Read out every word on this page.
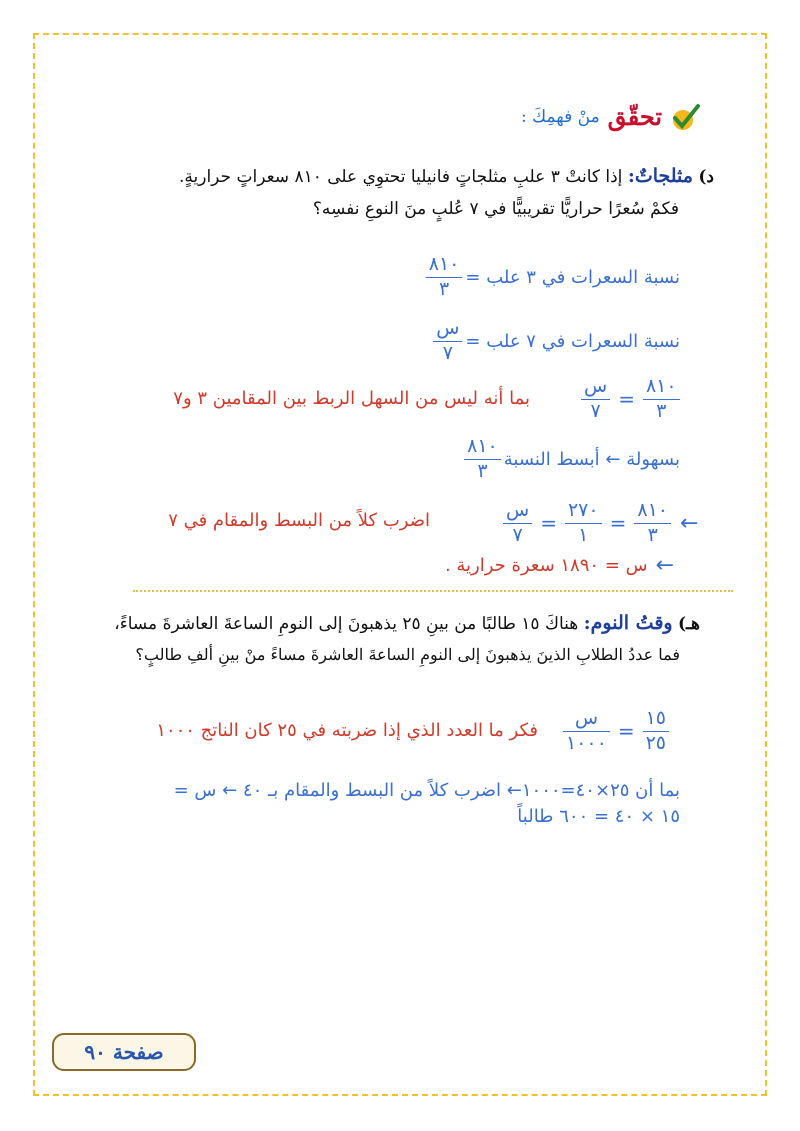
تحقّق
منْ فهمِكَ :
د) مثلجاتٌ: إذا كانتْ ٣ علبِ مثلجاتٍ فانيليا تحتوِي على ٨١٠ سعراتٍ حراريةٍ.
فكمْ سُعرًا حراريًّا تقريبيًّا في ٧ عُلبٍ منَ النوعِ نفسِه؟
نسبة السعرات في ٣ علب =
$\frac{٨١٠}{٣}$
نسبة السعرات في ٧ علب =
$\frac{\text{س}}{٧}$
$\frac{\text{س}}{٧} = \frac{٨١٠}{٣}$
بما أنه ليس من السهل الربط بين المقامين ٣ و٧
بسهولة ← أبسط النسبة
$\frac{٨١٠}{٣}$
$\frac{\text{س}}{٧} = \frac{٢٧٠}{١} = \frac{٨١٠}{٣}$ ←
اضرب كلاً من البسط والمقام في ٧
←
س = ١٨٩٠ سعرة حرارية .
هـ) وقتُ النوم: هناكَ ١٥ طالبًا من بينِ ٢٥ يذهبونَ إلى النومِ الساعةَ العاشرةَ مساءً،
فما عددُ الطلابِ الذينَ يذهبونَ إلى النومِ الساعةَ العاشرةَ مساءً منْ بينِ ألفِ طالبٍ؟
$\frac{\text{س}}{١٠٠٠} = \frac{١٥}{٢٥}$
فكر ما العدد الذي إذا ضربته في ٢٥ كان الناتج ١٠٠٠
بما أن ٢٥×٤٠=١٠٠٠← اضرب كلاً من البسط والمقام بـ ٤٠ ← س =
١٥ × ٤٠ = ٦٠٠ طالباً
صفحة ٩٠
